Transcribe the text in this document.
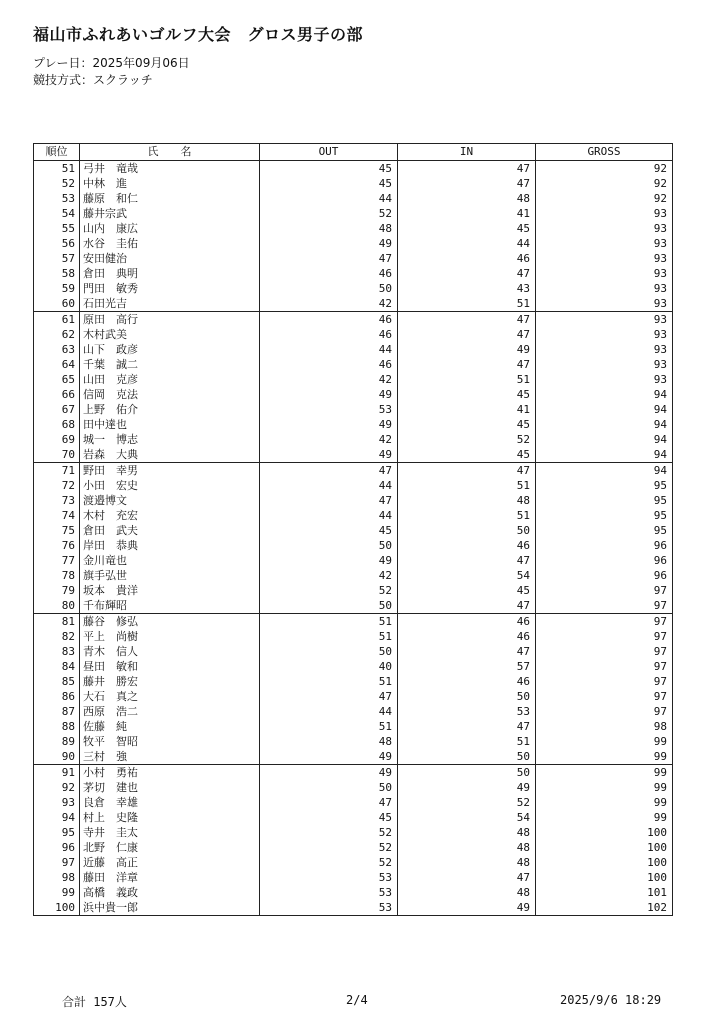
福山市ふれあいゴルフ大会　グロス男子の部
プレー日：2025年09月06日
競技方式：スクラッチ
順位	氏　　名	OUT	IN	GROSS
51	弓井　竜哉	45	47	92
52	中林　進	45	47	92
53	藤原　和仁	44	48	92
54	藤井宗武	52	41	93
55	山内　康広	48	45	93
56	水谷　圭佑	49	44	93
57	安田健治	47	46	93
58	倉田　典明	46	47	93
59	門田　敏秀	50	43	93
60	石田光吉	42	51	93
61	原田　高行	46	47	93
62	木村武美	46	47	93
63	山下　政彦	44	49	93
64	千葉　誠二	46	47	93
65	山田　克彦	42	51	93
66	信岡　克法	49	45	94
67	上野　佑介	53	41	94
68	田中達也	49	45	94
69	城一　博志	42	52	94
70	岩森　大典	49	45	94
71	野田　幸男	47	47	94
72	小田　宏史	44	51	95
73	渡邉博文	47	48	95
74	木村　充宏	44	51	95
75	倉田　武夫	45	50	95
76	岸田　恭典	50	46	96
77	金川竜也	49	47	96
78	旗手弘世	42	54	96
79	坂本　貴洋	52	45	97
80	千布輝昭	50	47	97
81	藤谷　修弘	51	46	97
82	平上　尚樹	51	46	97
83	青木　信人	50	47	97
84	昼田　敏和	40	57	97
85	藤井　勝宏	51	46	97
86	大石　真之	47	50	97
87	西原　浩二	44	53	97
88	佐藤　純	51	47	98
89	牧平　智昭	48	51	99
90	三村　強	49	50	99
91	小村　勇祐	49	50	99
92	茅切　建也	50	49	99
93	良倉　幸雄	47	52	99
94	村上　史隆	45	54	99
95	寺井　圭太	52	48	100
96	北野　仁康	52	48	100
97	近藤　高正	52	48	100
98	藤田　洋章	53	47	100
99	高橋　義政	53	48	101
100	浜中貴一郎	53	49	102
合計 157人	2/4	2025/9/6 18:29
